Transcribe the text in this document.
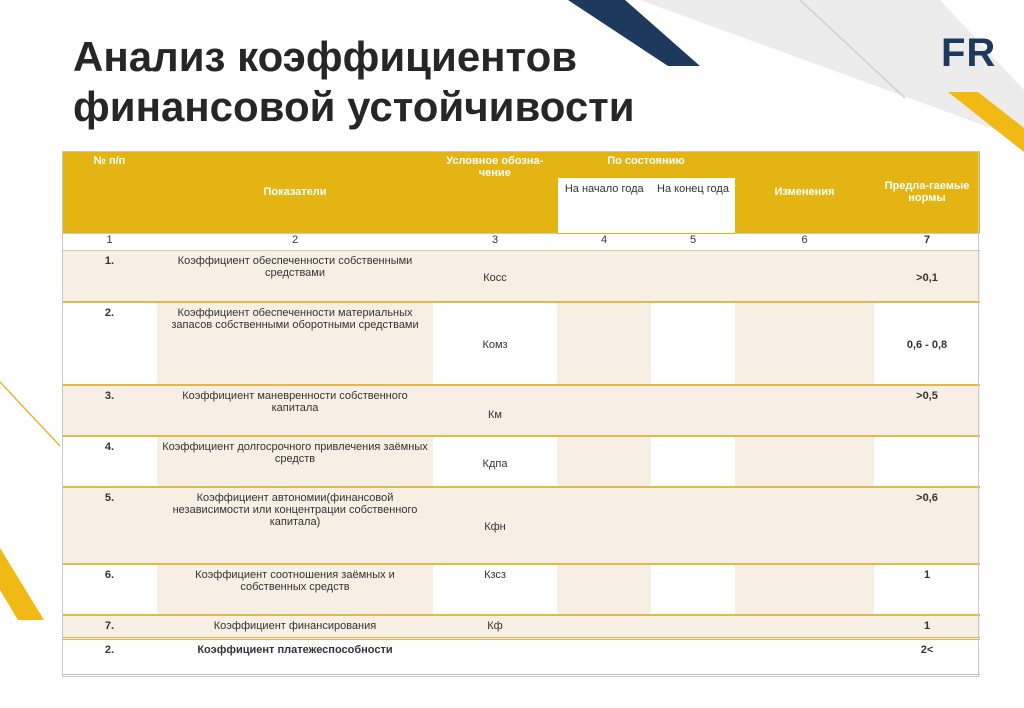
Анализ коэффициентов
финансовой устойчивости
FR
№ п/п	Показатели	Условное обозна-чение	По состоянию		Изменения	Предла-гаемые нормы
			На начало года	На конец года		
1	2	3	4	5	6	7
1.	Коэффициент обеспеченности собственными средствами	Косс				>0,1
2.	Коэффициент обеспеченности материальных запасов собственными оборотными средствами	Комз				0,6 - 0,8
3.	Коэффициент маневренности собственного капитала	Км				>0,5
4.	Коэффициент долгосрочного привлечения заёмных средств	Кдпа				
5.	Коэффициент автономии(финансовой независимости или концентрации собственного капитала)	Кфн				>0,6
6.	Коэффициент соотношения заёмных и собственных средств	Кзсз				1
7.	Коэффициент финансирования	Кф				1
2.	Коэффициент платежеспособности					2<
